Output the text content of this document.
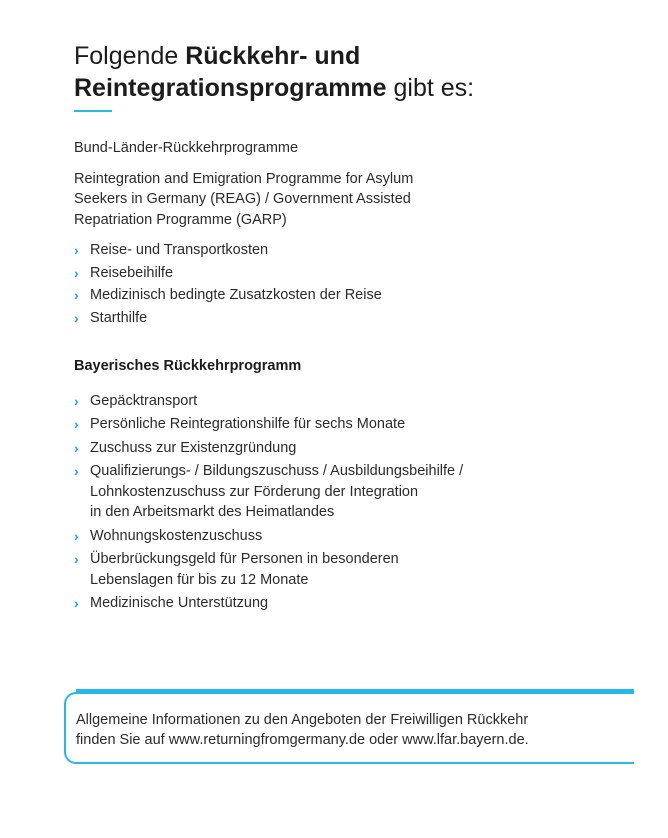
Folgende Rückkehr- und
Reintegrationsprogramme gibt es:
Bund-Länder-Rückkehrprogramme
Reintegration and Emigration Programme for Asylum
Seekers in Germany (REAG) / Government Assisted
Repatriation Programme (GARP)
› Reise- und Transportkosten
› Reisebeihilfe
› Medizinisch bedingte Zusatzkosten der Reise
› Starthilfe
Bayerisches Rückkehrprogramm
› Gepäcktransport
› Persönliche Reintegrationshilfe für sechs Monate
› Zuschuss zur Existenzgründung
› Qualifizierungs- / Bildungszuschuss / Ausbildungsbeihilfe /
Lohnkostenzuschuss zur Förderung der Integration
in den Arbeitsmarkt des Heimatlandes
› Wohnungskostenzuschuss
› Überbrückungsgeld für Personen in besonderen
Lebenslagen für bis zu 12 Monate
› Medizinische Unterstützung
Allgemeine Informationen zu den Angeboten der Freiwilligen Rückkehr
finden Sie auf www.returningfromgermany.de oder www.lfar.bayern.de.
